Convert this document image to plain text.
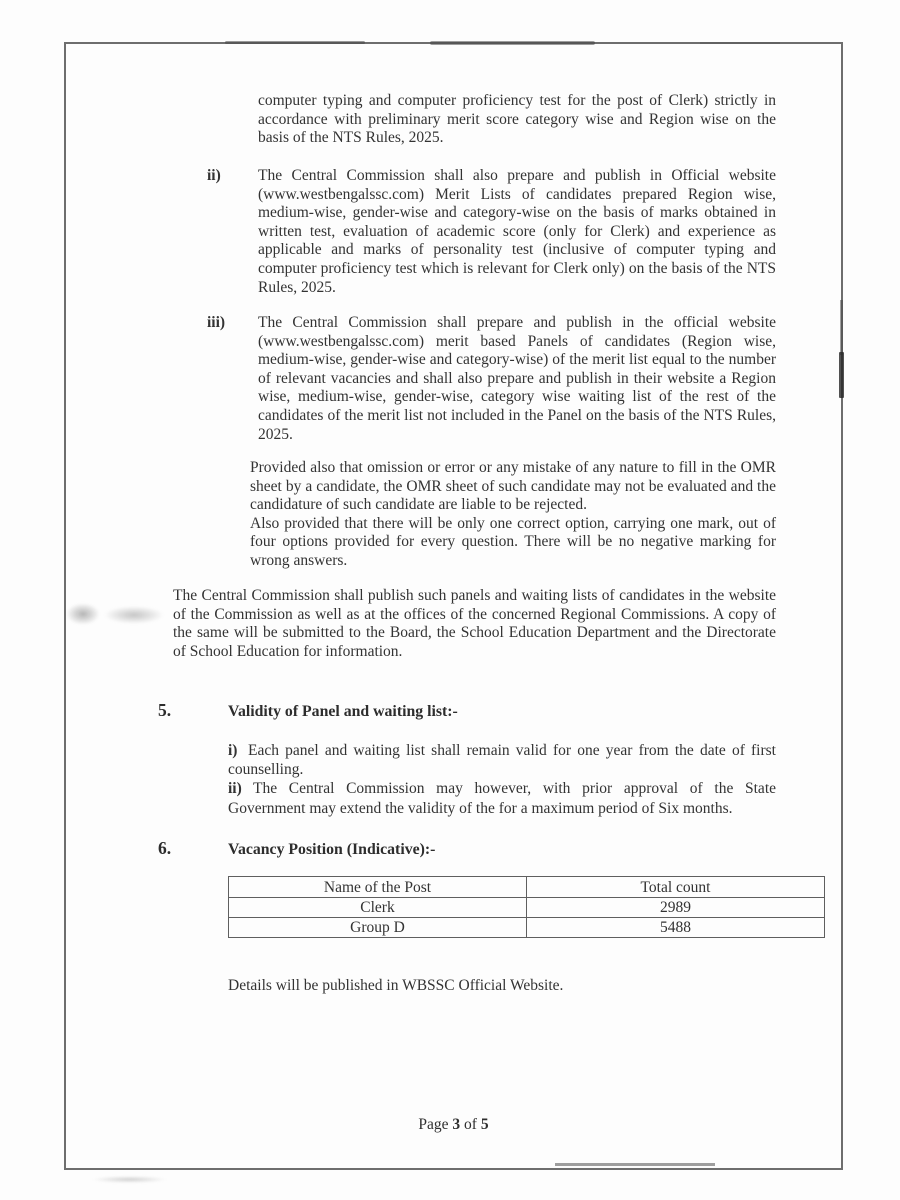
computer typing and computer proficiency test for the post of Clerk) strictly in accordance with preliminary merit score category wise and Region wise on the basis of the NTS Rules, 2025.
ii)	The Central Commission shall also prepare and publish in Official website (www.westbengalssc.com) Merit Lists of candidates prepared Region wise, medium-wise, gender-wise and category-wise on the basis of marks obtained in written test, evaluation of academic score (only for Clerk) and experience as applicable and marks of personality test (inclusive of computer typing and computer proficiency test which is relevant for Clerk only) on the basis of the NTS Rules, 2025.
iii)	The Central Commission shall prepare and publish in the official website (www.westbengalssc.com) merit based Panels of candidates (Region wise, medium-wise, gender-wise and category-wise) of the merit list equal to the number of relevant vacancies and shall also prepare and publish in their website a Region wise, medium-wise, gender-wise, category wise waiting list of the rest of the candidates of the merit list not included in the Panel on the basis of the NTS Rules, 2025.
Provided also that omission or error or any mistake of any nature to fill in the OMR sheet by a candidate, the OMR sheet of such candidate may not be evaluated and the candidature of such candidate are liable to be rejected.
Also provided that there will be only one correct option, carrying one mark, out of four options provided for every question. There will be no negative marking for wrong answers.
The Central Commission shall publish such panels and waiting lists of candidates in the website of the Commission as well as at the offices of the concerned Regional Commissions. A copy of the same will be submitted to the Board, the School Education Department and the Directorate of School Education for information.
5.	Validity of Panel and waiting list:-

i) Each panel and waiting list shall remain valid for one year from the date of first counselling.

ii) The Central Commission may however, with prior approval of the State Government may extend the validity of the for a maximum period of Six months.

6.	Vacancy Position (Indicative):-
Name of the Post	Total count
Clerk	2989
Group D	5488
Details will be published in WBSSC Official Website.
Page 3 of 5
